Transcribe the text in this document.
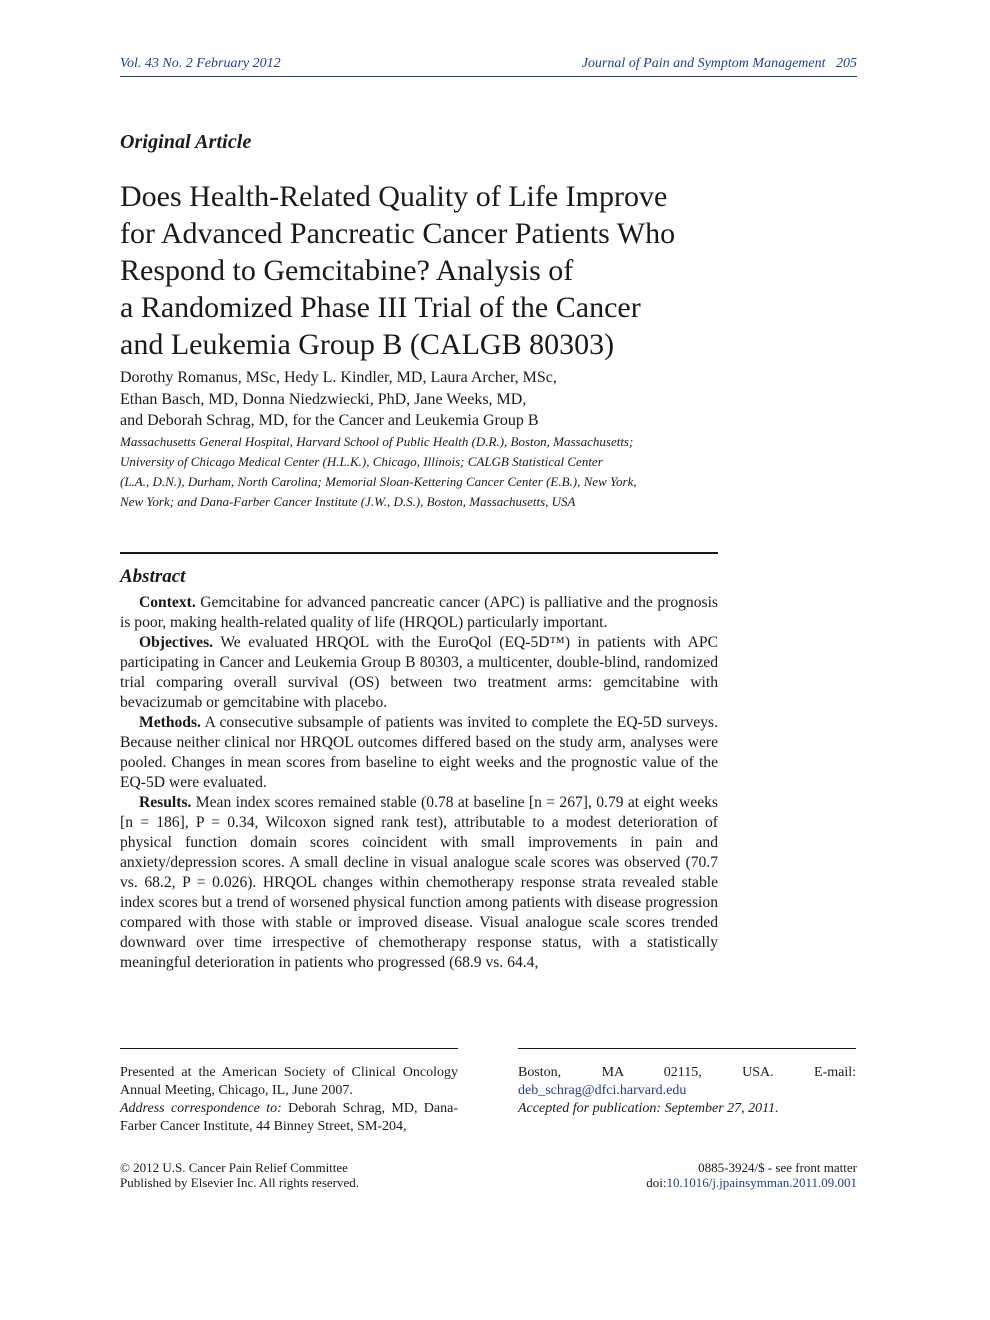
Vol. 43 No. 2 February 2012	Journal of Pain and Symptom Management 205
Original Article
Does Health-Related Quality of Life Improve
for Advanced Pancreatic Cancer Patients Who
Respond to Gemcitabine? Analysis of
a Randomized Phase III Trial of the Cancer
and Leukemia Group B (CALGB 80303)
Dorothy Romanus, MSc, Hedy L. Kindler, MD, Laura Archer, MSc,
Ethan Basch, MD, Donna Niedzwiecki, PhD, Jane Weeks, MD,
and Deborah Schrag, MD, for the Cancer and Leukemia Group B
Massachusetts General Hospital, Harvard School of Public Health (D.R.), Boston, Massachusetts;
University of Chicago Medical Center (H.L.K.), Chicago, Illinois; CALGB Statistical Center
(L.A., D.N.), Durham, North Carolina; Memorial Sloan-Kettering Cancer Center (E.B.), New York,
New York; and Dana-Farber Cancer Institute (J.W., D.S.), Boston, Massachusetts, USA
Abstract

Context. Gemcitabine for advanced pancreatic cancer (APC) is palliative and the prognosis is poor, making health-related quality of life (HRQOL) particularly important.

Objectives. We evaluated HRQOL with the EuroQol (EQ-5D™) in patients with APC participating in Cancer and Leukemia Group B 80303, a multicenter, double-blind, randomized trial comparing overall survival (OS) between two treatment arms: gemcitabine with bevacizumab or gemcitabine with placebo.

Methods. A consecutive subsample of patients was invited to complete the EQ-5D surveys. Because neither clinical nor HRQOL outcomes differed based on the study arm, analyses were pooled. Changes in mean scores from baseline to eight weeks and the prognostic value of the EQ-5D were evaluated.

Results. Mean index scores remained stable (0.78 at baseline [n = 267], 0.79 at eight weeks [n = 186], P = 0.34, Wilcoxon signed rank test), attributable to a modest deterioration of physical function domain scores coincident with small improvements in pain and anxiety/depression scores. A small decline in visual analogue scale scores was observed (70.7 vs. 68.2, P = 0.026). HRQOL changes within chemotherapy response strata revealed stable index scores but a trend of worsened physical function among patients with disease progression compared with those with stable or improved disease. Visual analogue scale scores trended downward over time irrespective of chemotherapy response status, with a statistically meaningful deterioration in patients who progressed (68.9 vs. 64.4,

Presented at the American Society of Clinical Oncology Annual Meeting, Chicago, IL, June 2007.

Address correspondence to: Deborah Schrag, MD, Dana-Farber Cancer Institute, 44 Binney Street, SM-204,

Boston, MA 02115, USA. E-mail: deb_schrag@dfci.harvard.edu

Accepted for publication: September 27, 2011.

© 2012 U.S. Cancer Pain Relief Committee
Published by Elsevier Inc. All rights reserved.
0885-3924/$ - see front matter
doi:10.1016/j.jpainsymman.2011.09.001
